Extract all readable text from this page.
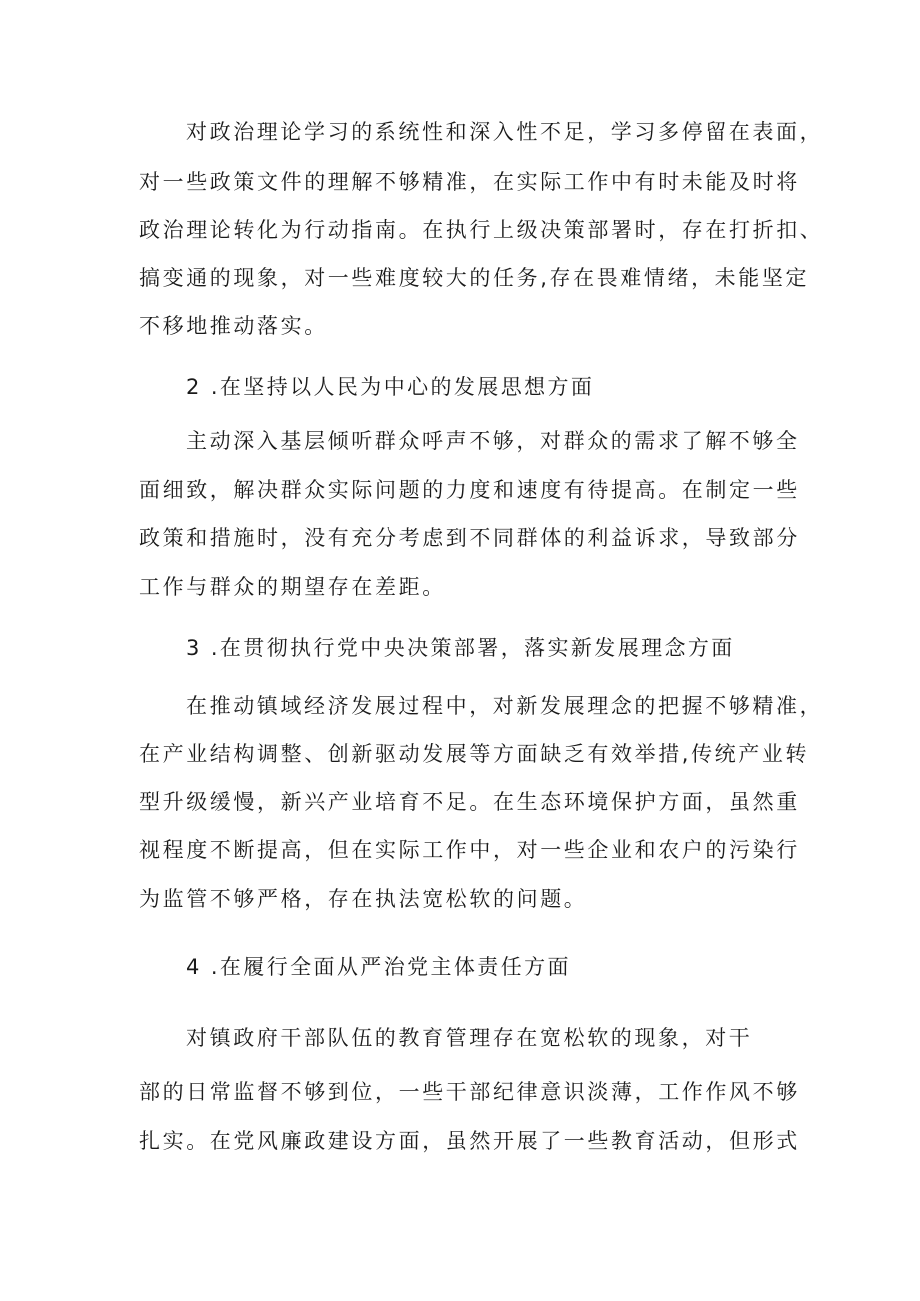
对政治理论学习的系统性和深入性不足，学习多停留在表面，
对一些政策文件的理解不够精准，在实际工作中有时未能及时将
政治理论转化为行动指南。在执行上级决策部署时，存在打折扣、
搞变通的现象，对一些难度较大的任务,存在畏难情绪，未能坚定
不移地推动落实。
2 .在坚持以人民为中心的发展思想方面
主动深入基层倾听群众呼声不够，对群众的需求了解不够全
面细致，解决群众实际问题的力度和速度有待提高。在制定一些
政策和措施时，没有充分考虑到不同群体的利益诉求，导致部分
工作与群众的期望存在差距。
3 .在贯彻执行党中央决策部署，落实新发展理念方面
在推动镇域经济发展过程中，对新发展理念的把握不够精准，
在产业结构调整、创新驱动发展等方面缺乏有效举措,传统产业转
型升级缓慢，新兴产业培育不足。在生态环境保护方面，虽然重
视程度不断提高，但在实际工作中，对一些企业和农户的污染行
为监管不够严格，存在执法宽松软的问题。
4 .在履行全面从严治党主体责任方面
对镇政府干部队伍的教育管理存在宽松软的现象，对干
部的日常监督不够到位，一些干部纪律意识淡薄，工作作风不够
扎实。在党风廉政建设方面，虽然开展了一些教育活动，但形式
